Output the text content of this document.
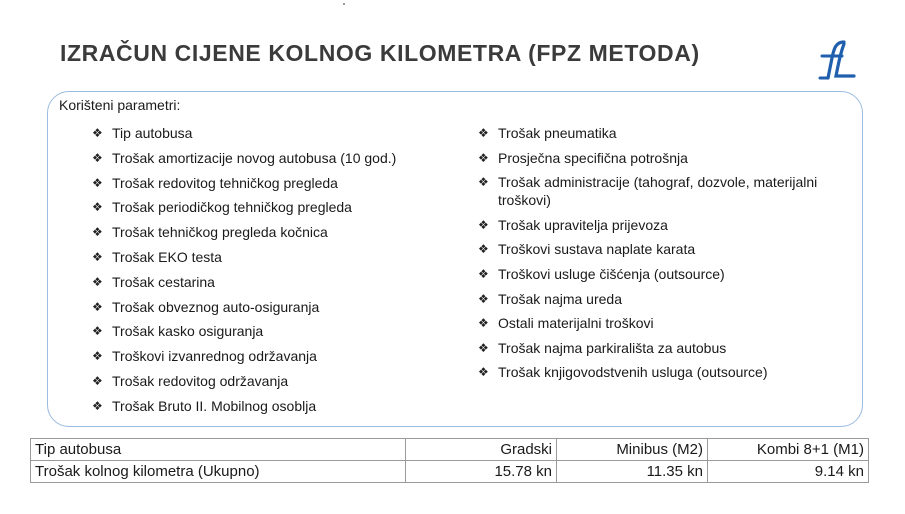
IZRAČUN CIJENE KOLNOG KILOMETRA (FPZ METODA)
Korišteni parametri:
❖ Tip autobusa
❖ Trošak amortizacije novog autobusa (10 god.)
❖ Trošak redovitog tehničkog pregleda
❖ Trošak periodičkog tehničkog pregleda
❖ Trošak tehničkog pregleda kočnica
❖ Trošak EKO testa
❖ Trošak cestarina
❖ Trošak obveznog auto-osiguranja
❖ Trošak kasko osiguranja
❖ Troškovi izvanrednog održavanja
❖ Trošak redovitog održavanja
❖ Trošak Bruto II. Mobilnog osoblja
❖ Trošak pneumatika
❖ Prosječna specifična potrošnja
❖ Trošak administracije (tahograf, dozvole, materijalni troškovi)
❖ Trošak upravitelja prijevoza
❖ Troškovi sustava naplate karata
❖ Troškovi usluge čišćenja (outsource)
❖ Trošak najma ureda
❖ Ostali materijalni troškovi
❖ Trošak najma parkirališta za autobus
❖ Trošak knjigovodstvenih usluga (outsource)
Tip autobusa	Gradski	Minibus (M2)	Kombi 8+1 (M1)
Trošak kolnog kilometra (Ukupno)	15.78 kn	11.35 kn	9.14 kn
